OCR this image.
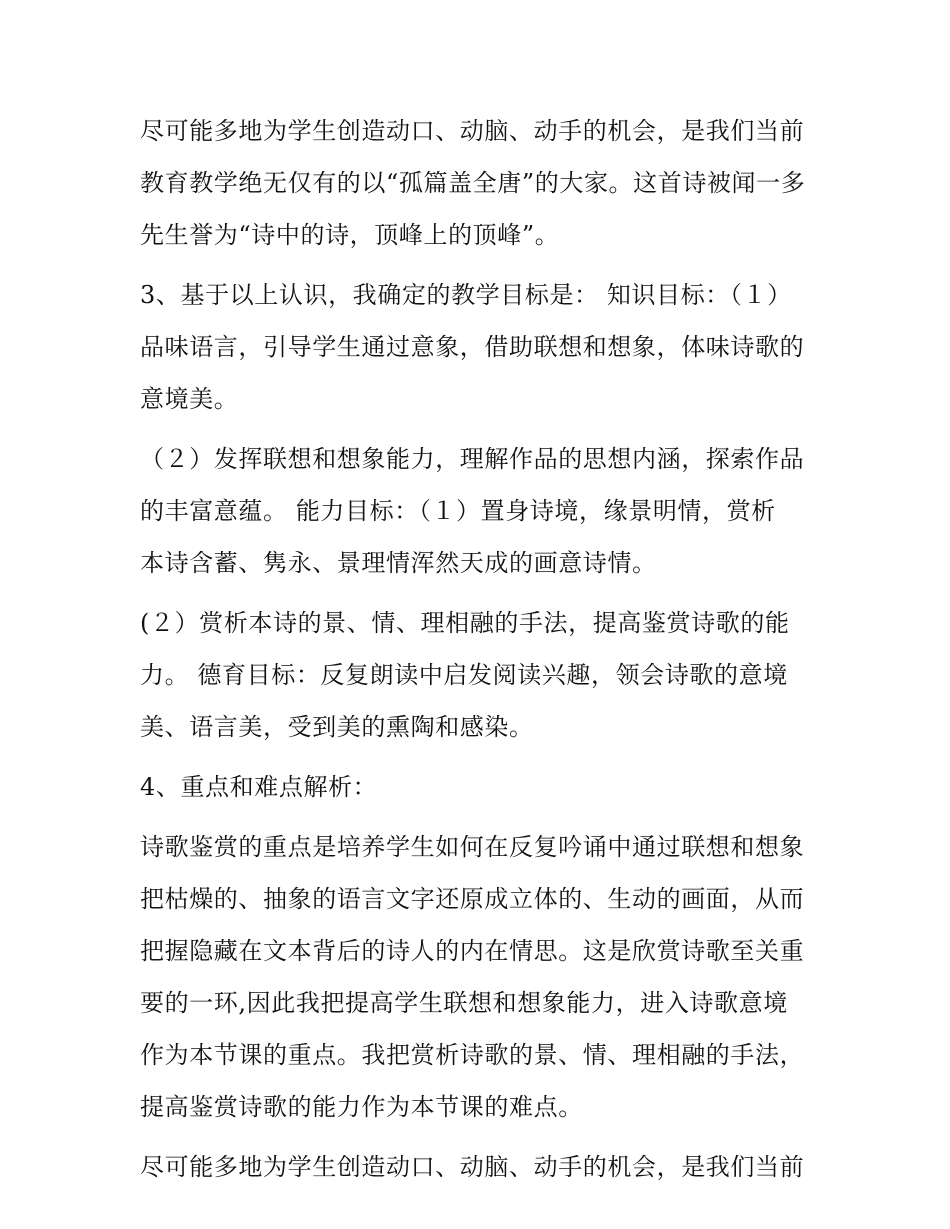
尽可能多地为学生创造动口、动脑、动手的机会，是我们当前
教育教学绝无仅有的以“孤篇盖全唐”的大家。这首诗被闻一多
先生誉为“诗中的诗，顶峰上的顶峰”。
3、基于以上认识，我确定的教学目标是： 知识目标：（１）
品味语言，引导学生通过意象，借助联想和想象，体味诗歌的
意境美。
（２）发挥联想和想象能力，理解作品的思想内涵，探索作品
的丰富意蕴。 能力目标：（１）置身诗境，缘景明情，赏析
本诗含蓄、隽永、景理情浑然天成的画意诗情。
(２）赏析本诗的景、情、理相融的手法，提高鉴赏诗歌的能
力。 德育目标：反复朗读中启发阅读兴趣，领会诗歌的意境
美、语言美，受到美的熏陶和感染。
4、重点和难点解析：
诗歌鉴赏的重点是培养学生如何在反复吟诵中通过联想和想象
把枯燥的、抽象的语言文字还原成立体的、生动的画面，从而
把握隐藏在文本背后的诗人的内在情思。这是欣赏诗歌至关重
要的一环,因此我把提高学生联想和想象能力，进入诗歌意境
作为本节课的重点。我把赏析诗歌的景、情、理相融的手法，
提高鉴赏诗歌的能力作为本节课的难点。
尽可能多地为学生创造动口、动脑、动手的机会，是我们当前
